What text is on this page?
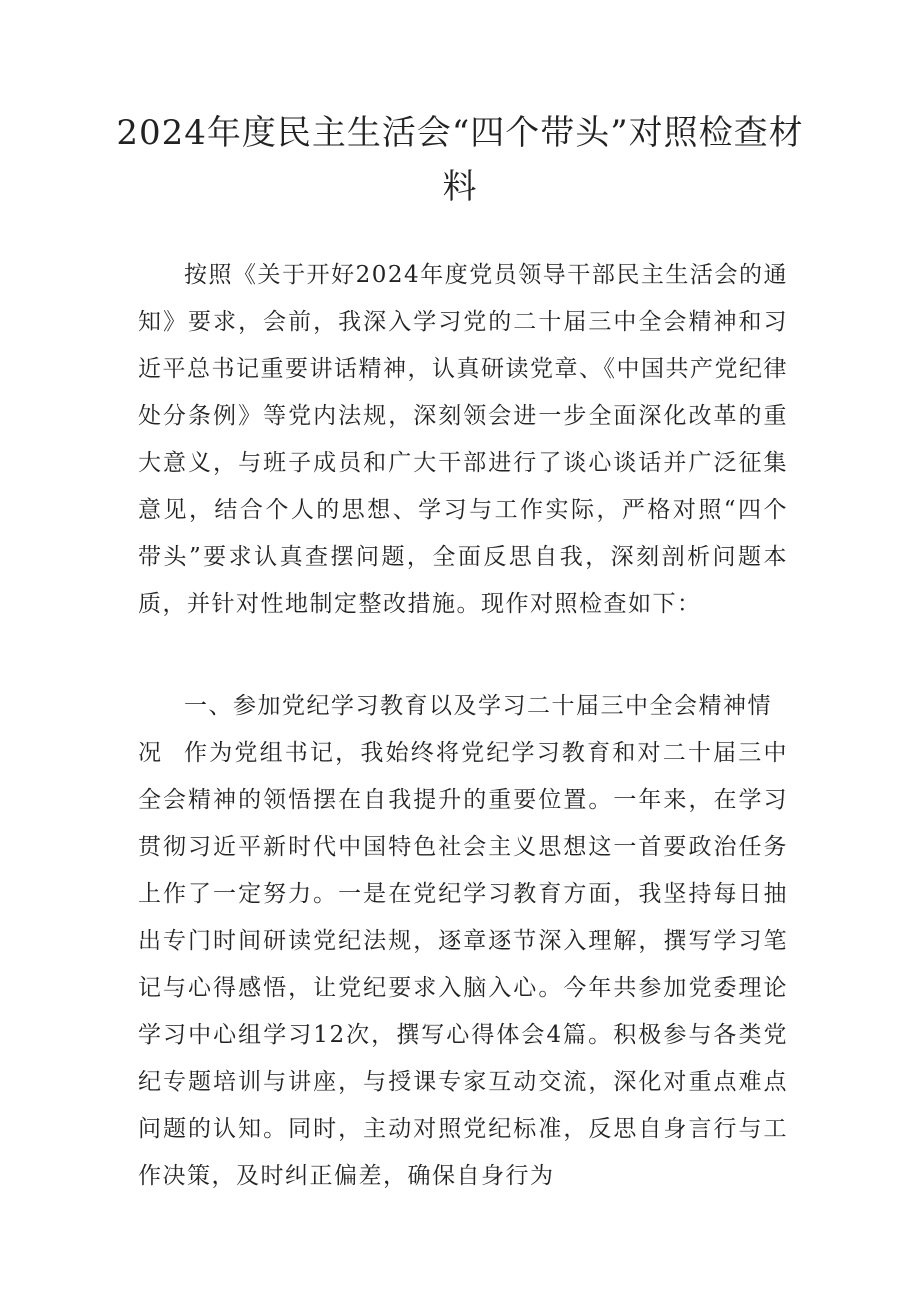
2024年度民主生活会“四个带头”对照检查材料

按照《关于开好2024年度党员领导干部民主生活会的通知》要求，会前，我深入学习党的二十届三中全会精神和习近平总书记重要讲话精神，认真研读党章、《中国共产党纪律处分条例》等党内法规，深刻领会进一步全面深化改革的重大意义，与班子成员和广大干部进行了谈心谈话并广泛征集意见，结合个人的思想、学习与工作实际，严格对照“四个带头”要求认真查摆问题，全面反思自我，深刻剖析问题本质，并针对性地制定整改措施。现作对照检查如下：

一、参加党纪学习教育以及学习二十届三中全会精神情况 作为党组书记，我始终将党纪学习教育和对二十届三中全会精神的领悟摆在自我提升的重要位置。一年来，在学习贯彻习近平新时代中国特色社会主义思想这一首要政治任务上作了一定努力。一是在党纪学习教育方面，我坚持每日抽出专门时间研读党纪法规，逐章逐节深入理解，撰写学习笔记与心得感悟，让党纪要求入脑入心。今年共参加党委理论学习中心组学习12次，撰写心得体会4篇。积极参与各类党纪专题培训与讲座，与授课专家互动交流，深化对重点难点问题的认知。同时，主动对照党纪标准，反思自身言行与工作决策，及时纠正偏差，确保自身行为
